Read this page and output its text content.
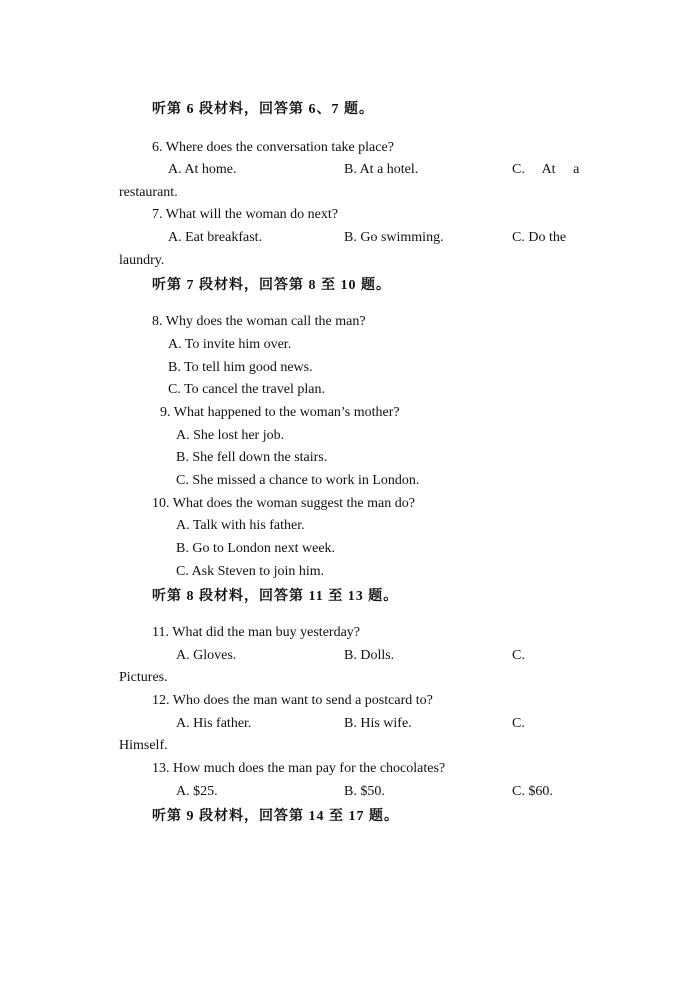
听第 6 段材料，回答第 6、7 题。
6. Where does the conversation take place?
A. At home.	B. At a hotel.	C. At a
restaurant.
7. What will the woman do next?
A. Eat breakfast.	B. Go swimming.	C. Do the
laundry.
听第 7 段材料，回答第 8 至 10 题。
8. Why does the woman call the man?
A. To invite him over.
B. To tell him good news.
C. To cancel the travel plan.
9. What happened to the woman’s mother?
A. She lost her job.
B. She fell down the stairs.
C. She missed a chance to work in London.
10. What does the woman suggest the man do?
A. Talk with his father.
B. Go to London next week.
C. Ask Steven to join him.
听第 8 段材料，回答第 11 至 13 题。
11. What did the man buy yesterday?
A. Gloves.	B. Dolls.	C.
Pictures.
12. Who does the man want to send a postcard to?
A. His father.	B. His wife.	C.
Himself.
13. How much does the man pay for the chocolates?
A. $25.	B. $50.	C. $60.
听第 9 段材料，回答第 14 至 17 题。
